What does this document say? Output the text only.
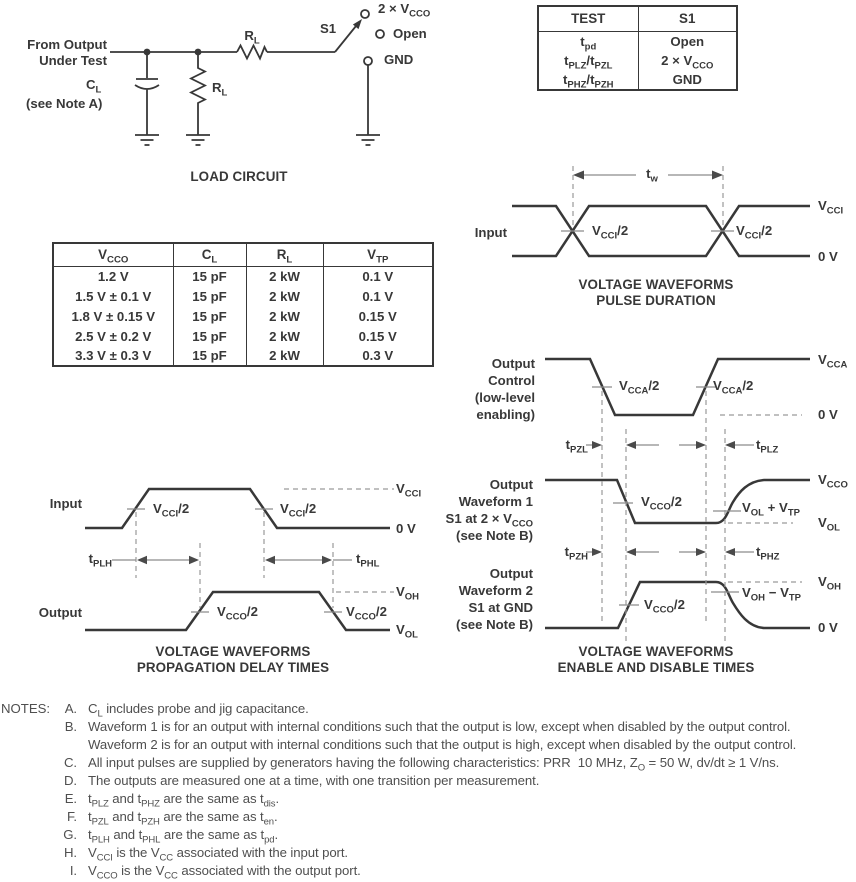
From Output
Under Test
$C_L$
(see Note A)
$R_L$
$R_L$
S1
$2 \times V_{CCO}$
Open
GND
LOAD CIRCUIT
TEST	S1
$t_{pd}$	Open
$t_{PLZ}/t_{PZL}$	$2 \times V_{CCO}$
$t_{PHZ}/t_{PZH}$	GND
$V_{CCO}$	$C_L$	$R_L$	$V_{TP}$
1.2 V	15 pF	2 kW	0.1 V
1.5 V ± 0.1 V	15 pF	2 kW	0.1 V
1.8 V ± 0.15 V	15 pF	2 kW	0.15 V
2.5 V ± 0.2 V	15 pF	2 kW	0.15 V
3.3 V ± 0.3 V	15 pF	2 kW	0.3 V
Input
$t_w$
$V_{CCI}/2$	$V_{CCI}/2$
$V_{CCI}$
0 V
VOLTAGE WAVEFORMS
PULSE DURATION
Input
Output
$V_{CCI}/2$	$V_{CCI}/2$
$V_{CCO}/2$	$V_{CCO}/2$
$t_{PLH}$	$t_{PHL}$
$V_{CCI}$
0 V
$V_{OH}$
$V_{OL}$
VOLTAGE WAVEFORMS
PROPAGATION DELAY TIMES
Output
Control
(low-level
enabling)
$V_{CCA}/2$	$V_{CCA}/2$
$V_{CCA}$
0 V
$t_{PZL}$	$t_{PLZ}$
$t_{PZH}$	$t_{PHZ}$
Output
Waveform 1
S1 at $2 \times V_{CCO}$
(see Note B)
$V_{CCO}/2$	$V_{OL} + V_{TP}$
$V_{CCO}$
$V_{OL}$
Output
Waveform 2
S1 at GND
(see Note B)
$V_{CCO}/2$
$V_{OH} - V_{TP}$
$V_{OH}$
0 V
VOLTAGE WAVEFORMS
ENABLE AND DISABLE TIMES
NOTES:	A. $C_L$ includes probe and jig capacitance.
B. Waveform 1 is for an output with internal conditions such that the output is low, except when disabled by the output control.
Waveform 2 is for an output with internal conditions such that the output is high, except when disabled by the output control.
C. All input pulses are supplied by generators having the following characteristics: PRR  10 MHz, $Z_O = 50$ W, dv/dt ≥ 1 V/ns.
D. The outputs are measured one at a time, with one transition per measurement.
E. $t_{PLZ}$ and $t_{PHZ}$ are the same as $t_{dis}$.
F. $t_{PZL}$ and $t_{PZH}$ are the same as $t_{en}$.
G. $t_{PLH}$ and $t_{PHL}$ are the same as $t_{pd}$.
H. $V_{CCI}$ is the $V_{CC}$ associated with the input port.
I. $V_{CCO}$ is the $V_{CC}$ associated with the output port.
